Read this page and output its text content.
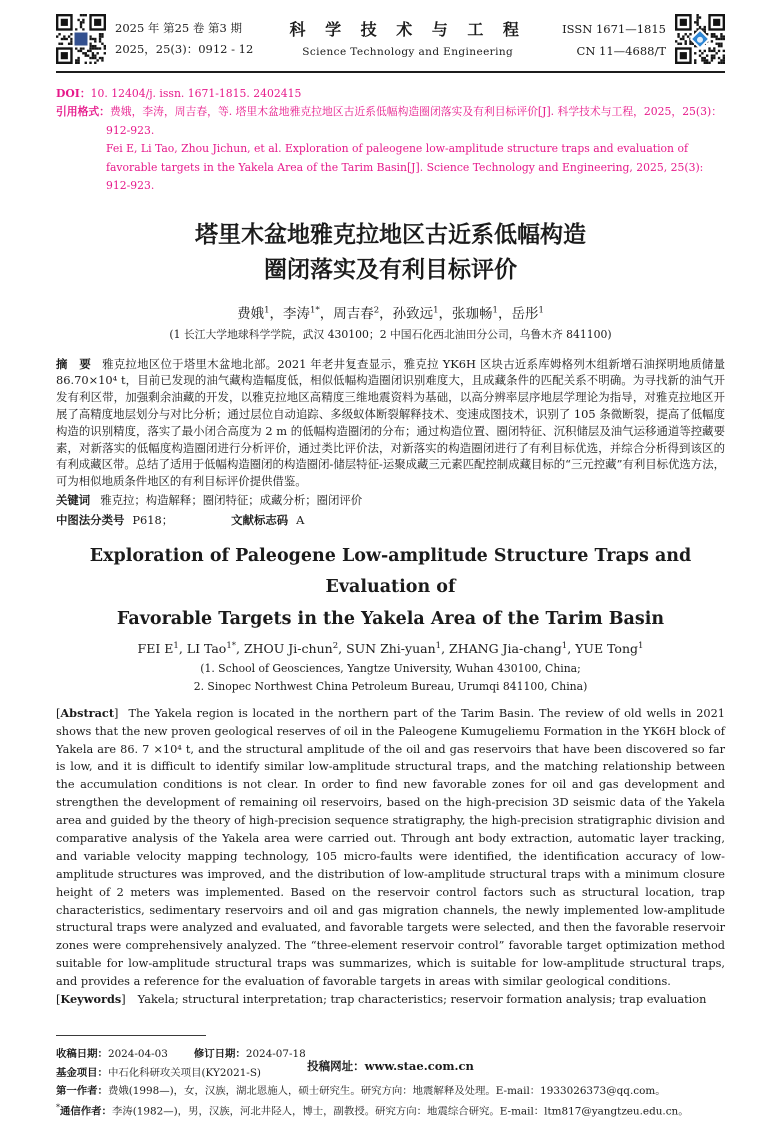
2025 年 第25 卷 第3 期
2025，25(3)：0912 - 12
科 学 技 术 与 工 程
Science Technology and Engineering
ISSN 1671—1815
CN 11—4688/T
DOI：10. 12404/j. issn. 1671-1815. 2402415

引用格式：费娥，李涛，周吉春，等. 塔里木盆地雅克拉地区古近系低幅构造圈闭落实及有利目标评价[J]. 科学技术与工程，2025，25(3)：912-923.

Fei E, Li Tao, Zhou Jichun, et al. Exploration of paleogene low-amplitude structure traps and evaluation of favorable targets in the Yakela Area of the Tarim Basin[J]. Science Technology and Engineering, 2025, 25(3): 912-923.

塔里木盆地雅克拉地区古近系低幅构造
圈闭落实及有利目标评价
费娥$^1$，李涛$^{1*}$，周吉春$^2$，孙致远$^1$，张珈畅$^1$，岳彤$^1$
(1 长江大学地球科学学院，武汉 430100；2 中国石化西北油田分公司，乌鲁木齐 841100)
摘　要 雅克拉地区位于塔里木盆地北部。2021 年老井复查显示，雅克拉 YK6H 区块古近系库姆格列木组新增石油探明地质储量 86.70×10⁴ t，目前已发现的油气藏构造幅度低，相似低幅构造圈闭识别难度大，且成藏条件的匹配关系不明确。为寻找新的油气开发有利区带，加强剩余油藏的开发，以雅克拉地区高精度三维地震资料为基础，以高分辨率层序地层学理论为指导，对雅克拉地区开展了高精度地层划分与对比分析；通过层位自动追踪、多级蚁体断裂解释技术、变速成图技术，识别了 105 条微断裂，提高了低幅度构造的识别精度，落实了最小闭合高度为 2 m 的低幅构造圈闭的分布；通过构造位置、圈闭特征、沉积储层及油气运移通道等控藏要素，对新落实的低幅度构造圈闭进行分析评价，通过类比评价法，对新落实的构造圈闭进行了有利目标优选，并综合分析得到该区的有利成藏区带。总结了适用于低幅构造圈闭的构造圈闭-储层特征-运聚成藏三元素匹配控制成藏目标的“三元控藏”有利目标优选方法，可为相似地质条件地区的有利目标评价提供借鉴。
关键词 雅克拉；构造解释；圈闭特征；成藏分析；圈闭评价
中图法分类号 P618；	文献标志码 A
Exploration of Paleogene Low-amplitude Structure Traps and Evaluation of
Favorable Targets in the Yakela Area of the Tarim Basin
FEI $E^1$, LI Tao$^{1*}$, ZHOU Ji-chun$^2$, SUN Zhi-yuan$^1$, ZHANG Jia-chang$^1$, YUE Tong$^1$
(1. School of Geosciences, Yangtze University, Wuhan 430100, China;
2. Sinopec Northwest China Petroleum Bureau, Urumqi 841100, China)
[Abstract] The Yakela region is located in the northern part of the Tarim Basin. The review of old wells in 2021 shows that the new proven geological reserves of oil in the Paleogene Kumugeliemu Formation in the YK6H block of Yakela are 86. 7 ×10⁴ t, and the structural amplitude of the oil and gas reservoirs that have been discovered so far is low, and it is difficult to identify similar low-amplitude structural traps, and the matching relationship between the accumulation conditions is not clear. In order to find new favorable zones for oil and gas development and strengthen the development of remaining oil reservoirs, based on the high-precision 3D seismic data of the Yakela area and guided by the theory of high-precision sequence stratigraphy, the high-precision stratigraphic division and comparative analysis of the Yakela area were carried out. Through ant body extraction, automatic layer tracking, and variable velocity mapping technology, 105 micro-faults were identified, the identification accuracy of low-amplitude structures was improved, and the distribution of low-amplitude structural traps with a minimum closure height of 2 meters was implemented. Based on the reservoir control factors such as structural location, trap characteristics, sedimentary reservoirs and oil and gas migration channels, the newly implemented low-amplitude structural traps were analyzed and evaluated, and favorable targets were selected, and then the favorable reservoir zones were comprehensively analyzed. The “three-element reservoir control” favorable target optimization method suitable for low-amplitude structural traps was summarizes, which is suitable for low-amplitude structural traps, and provides a reference for the evaluation of favorable targets in areas with similar geological conditions.
[Keywords] Yakela; structural interpretation; trap characteristics; reservoir formation analysis; trap evaluation
收稿日期：2024-04-03	修订日期：2024-07-18
基金项目：中石化科研攻关项目(KY2021-S)
第一作者：费娥(1998—)，女，汉族，湖北恩施人，硕士研究生。研究方向：地震解释及处理。E-mail：1933026373@qq.com。
*通信作者：李涛(1982—)，男，汉族，河北井陉人，博士，副教授。研究方向：地震综合研究。E-mail：ltm817@yangtzeu.edu.cn。
投稿网址：www.stae.com.cn
